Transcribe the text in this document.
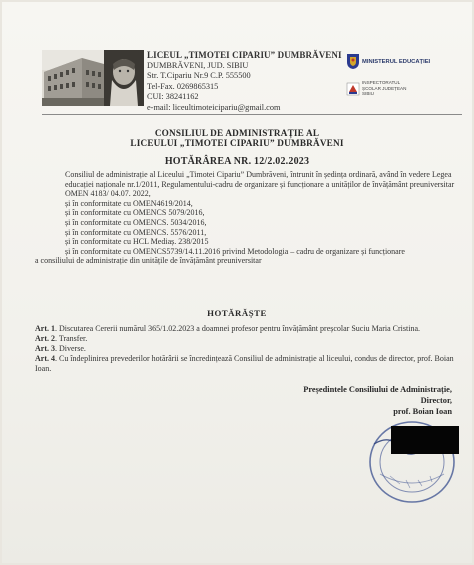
LICEUL „TIMOTEI CIPARIU” DUMBRĂVENI
DUMBRĂVENI, JUD. SIBIU
Str. T.Cipariu Nr.9 C.P. 555500
Tel-Fax. 0269865315
CUI: 38241162
e-mail: liceultimoteicipariu@gmail.com
MINISTERUL EDUCAȚIEI
INSPECTORATUL
ȘCOLAR JUDEȚEAN
SIBIU
CONSILIUL DE ADMINISTRAȚIE AL
LICEULUI „TIMOTEI CIPARIU” DUMBRĂVENI
HOTĂRÂREA NR. 12/2.02.2023

Consiliul de administrație al Liceului „Timotei Cipariu” Dumbrăveni, întrunit în ședința ordinară, având în vedere Legea educației naționale nr.1/2011, Regulamentului-cadru de organizare și funcționare a unităților de învățământ preuniversitar OMEN 4183/ 04.07. 2022,

și în conformitate cu OMEN4619/2014,

și în conformitate cu OMENCS 5079/2016,

și în conformitate cu OMENCS. 5034/2016,

și în conformitate cu OMENCS. 5576/2011,

și în conformitate cu HCL Mediaș. 238/2015

și în conformitate cu OMENCS5739/14.11.2016 privind Metodologia – cadru de organizare și funcționare

a consiliului de administrație din unitățile de învățământ preuniversitar

HOTĂRĂȘTE

Art. 1. Discutarea Cererii numărul 365/1.02.2023 a doamnei profesor pentru învățământ preșcolar Suciu Maria Cristina.

Art. 2. Transfer.

Art. 3. Diverse.

Art. 4. Cu îndeplinirea prevederilor hotărârii se încredințează Consiliul de administrație al liceului, condus de director, prof. Boian Ioan.

Președintele Consiliului de Administrație,
Director,
prof. Boian Ioan
